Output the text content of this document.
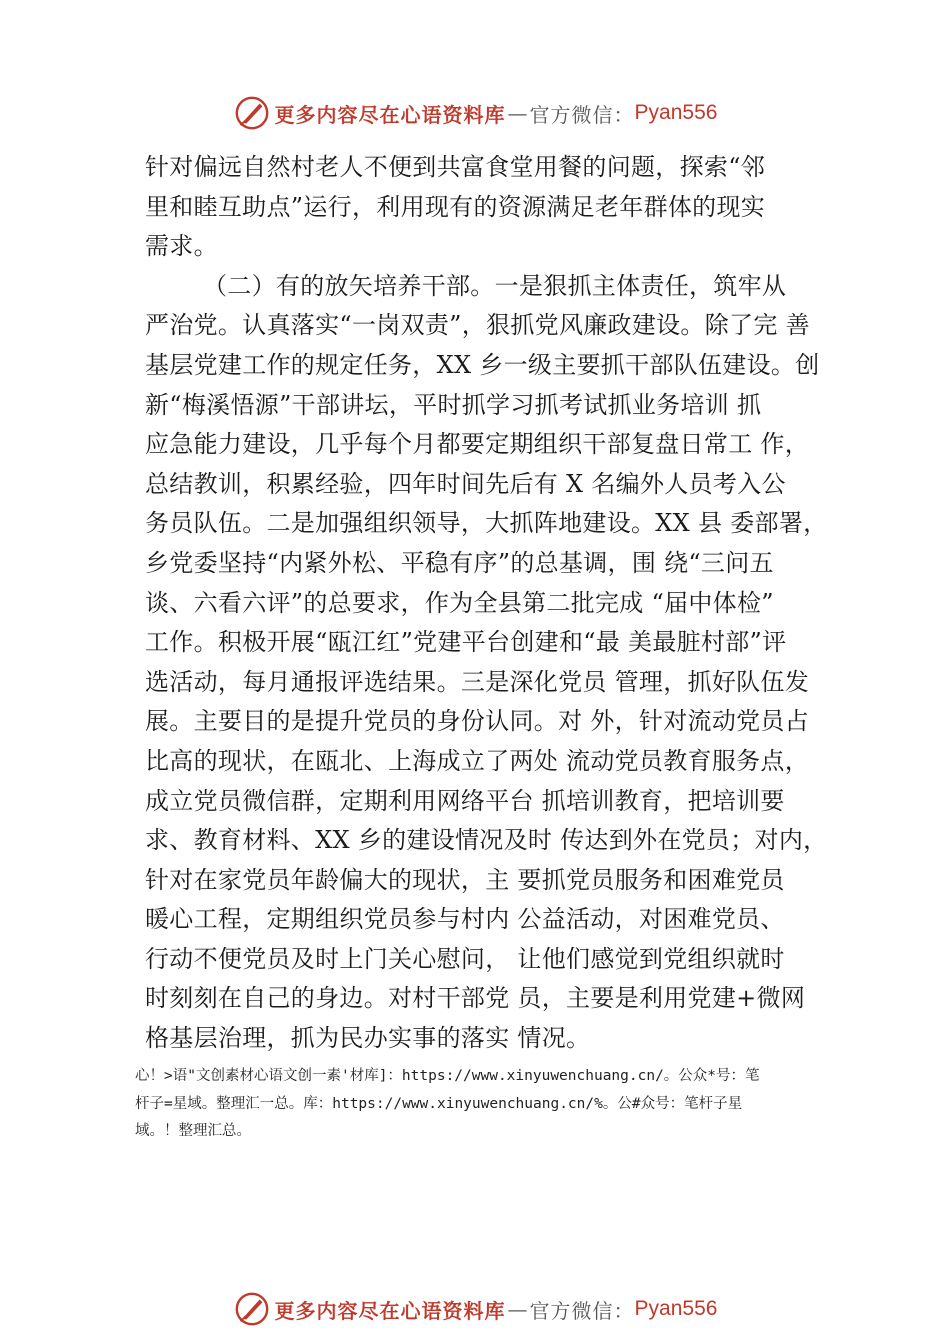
更多内容尽在心语资料库 — 官方微信： Pyan556
针对偏远自然村老人不便到共富食堂用餐的问题，探索“邻
里和睦互助点”运行，利用现有的资源满足老年群体的现实
需求。
（二）有的放矢培养干部。一是狠抓主体责任，筑牢从
严治党。认真落实“一岗双责”，狠抓党风廉政建设。除了完 善
基层党建工作的规定任务，XX 乡一级主要抓干部队伍建设。创
新“梅溪悟源”干部讲坛，平时抓学习抓考试抓业务培训 抓
应急能力建设，几乎每个月都要定期组织干部复盘日常工 作，
总结教训，积累经验，四年时间先后有 X 名编外人员考入公
务员队伍。二是加强组织领导，大抓阵地建设。XX 县 委部署，
乡党委坚持“内紧外松、平稳有序”的总基调，围 绕“三问五
谈、六看六评”的总要求，作为全县第二批完成 “届中体检”
工作。积极开展“瓯江红”党建平台创建和“最 美最脏村部”评
选活动，每月通报评选结果。三是深化党员 管理，抓好队伍发
展。主要目的是提升党员的身份认同。对 外，针对流动党员占
比高的现状，在瓯北、上海成立了两处 流动党员教育服务点，
成立党员微信群，定期利用网络平台 抓培训教育，把培训要
求、教育材料、XX 乡的建设情况及时 传达到外在党员；对内，
针对在家党员年龄偏大的现状，主 要抓党员服务和困难党员
暖心工程，定期组织党员参与村内 公益活动，对困难党员、
行动不便党员及时上门关心慰问， 让他们感觉到党组织就时
时刻刻在自己的身边。对村干部党 员，主要是利用党建+微网
格基层治理，抓为民办实事的落实 情况。
心！>语"文创素材心语文创一素'材库]：https://www.xinyuwenchuang.cn/。公众*号：笔
杆子=星域。整理汇一总。库：https://www.xinyuwenchuang.cn/%。公#众号：笔杆子星
域。！整理汇总。
更多内容尽在心语资料库 — 官方微信： Pyan556
